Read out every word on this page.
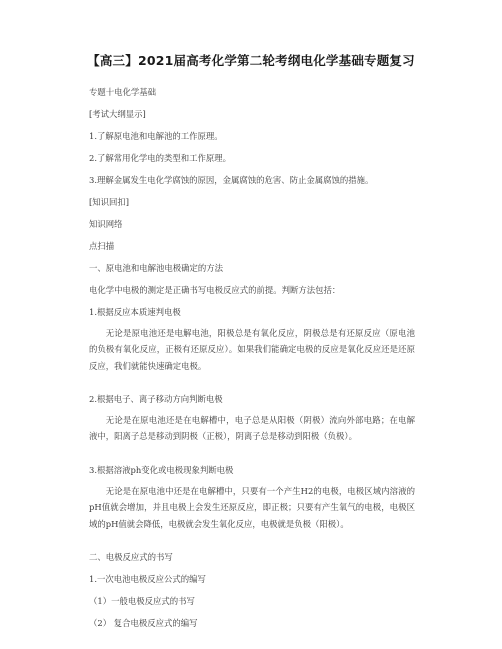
【高三】2021届高考化学第二轮考纲电化学基础专题复习
专题十电化学基础
[考试大纲显示]
1.了解原电池和电解池的工作原理。
2.了解常用化学电的类型和工作原理。
3.理解金属发生电化学腐蚀的原因，金属腐蚀的危害、防止金属腐蚀的措施。
[知识回扣]
知识网络
点扫描
一、原电池和电解池电极确定的方法
电化学中电极的测定是正确书写电极反应式的前提。判断方法包括：
1.根据反应本质速判电极
无论是原电池还是电解电池，阳极总是有氧化反应，阴极总是有还原反应（原电池的负极有氧化反应，正极有还原反应）。如果我们能确定电极的反应是氧化反应还是还原反应，我们就能快速确定电极。
2.根据电子、离子移动方向判断电极
无论是在原电池还是在电解槽中，电子总是从阳极（阴极）流向外部电路；在电解液中，阳离子总是移动到阴极（正极），阴离子总是移动到阳极（负极）。
3.根据溶液ph变化或电极现象判断电极
无论是在原电池中还是在电解槽中，只要有一个产生H2的电极，电极区域内溶液的pH值就会增加，并且电极上会发生还原反应，即正极；只要有产生氧气的电极，电极区域的pH值就会降低，电极就会发生氧化反应，电极就是负极（阳极）。
二、电极反应式的书写
1.一次电池电极反应公式的编写
（1）一般电极反应式的书写
（2） 复合电极反应式的编写
